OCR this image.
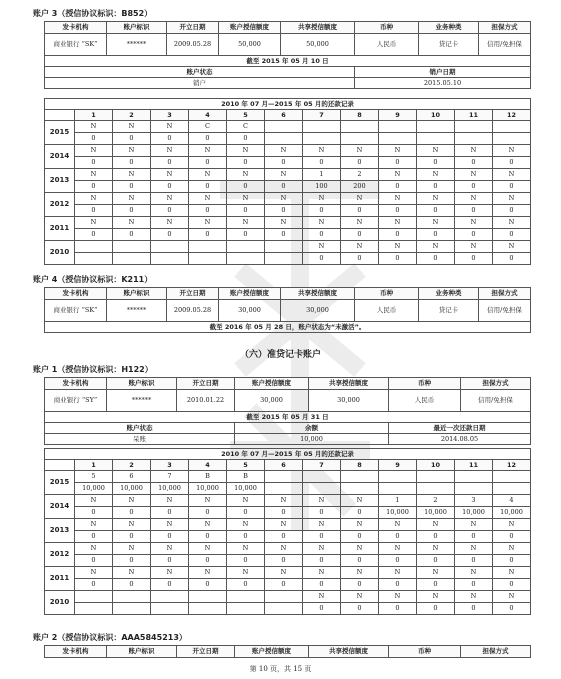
账户 3（授信协议标识：B852）
发卡机构	账户标识	开立日期	账户授信额度	共享授信额度	币种	业务种类	担保方式
商业银行 “SK”	******	2009.05.28	50,000	50,000	人民币	贷记卡	信用/免担保
截至 2015 年 05 月 10 日							
账户状态					销户日期		
销户					2015.05.10		
2010 年 07 月—2015 年 05 月的还款记录												
	1	2	3	4	5	6	7	8	9	10	11	12
2015	N	N	N	C	C							
	0	0	0	0	0							
2014	N	N	N	N	N	N	N	N	N	N	N	N
	0	0	0	0	0	0	0	0	0	0	0	0
2013	N	N	N	N	N	N	1	2	N	N	N	N
	0	0	0	0	0	0	100	200	0	0	0	0
2012	N	N	N	N	N	N	N	N	N	N	N	N
	0	0	0	0	0	0	0	0	0	0	0	0
2011	N	N	N	N	N	N	N	N	N	N	N	N
	0	0	0	0	0	0	0	0	0	0	0	0
2010							N	N	N	N	N	N
							0	0	0	0	0	0
账户 4（授信协议标识：K211）
发卡机构	账户标识	开立日期	账户授信额度	共享授信额度	币种	业务种类	担保方式
商业银行 “SK”	******	2009.05.28	30,000	30,000	人民币	贷记卡	信用/免担保
截至 2016 年 05 月 28 日，账户状态为“未激活”。							
（六）准贷记卡账户
账户 1（授信协议标识：H122）
发卡机构	账户标识	开立日期	账户授信额度	共享授信额度	币种	担保方式
商业银行 “SY”	******	2010.01.22	30,000	30,000	人民币	信用/免担保
截至 2015 年 05 月 31 日						
账户状态			余额		最近一次还款日期	
呆账			10,000		2014.08.05	
2010 年 07 月—2015 年 05 月的还款记录												
	1	2	3	4	5	6	7	8	9	10	11	12
2015	5	6	7	B	B							
	10,000	10,000	10,000	10,000	10,000							
2014	N	N	N	N	N	N	N	N	1	2	3	4
	0	0	0	0	0	0	0	0	10,000	10,000	10,000	10,000
2013	N	N	N	N	N	N	N	N	N	N	N	N
	0	0	0	0	0	0	0	0	0	0	0	0
2012	N	N	N	N	N	N	N	N	N	N	N	N
	0	0	0	0	0	0	0	0	0	0	0	0
2011	N	N	N	N	N	N	N	N	N	N	N	N
	0	0	0	0	0	0	0	0	0	0	0	0
2010							N	N	N	N	N	N
							0	0	0	0	0	0
账户 2（授信协议标识：AAA5845213）
发卡机构	账户标识	开立日期	账户授信额度	共享授信额度	币种	担保方式
第 10 页，共 15 页
